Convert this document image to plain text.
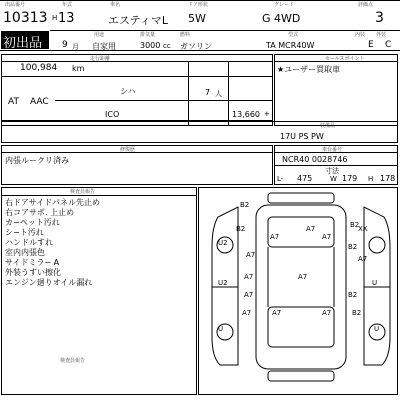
出品番号	年式	車名	ドア形状	グレード	評価点
10313 H 13	エスティマL 5W	G 4WD	3
初出品
用途	排気量	燃料	型式	内装 外装
9 月 自家用	3000 cc ガソリン	TA MCR40W	E C
走行距離
100,984 km
シハ	7 人
AT AAC
ICO	13,660 +
セールスポイント
★ユーザー買取車
装備品
17U PS PW
修復歴
内張ルークリ済み
車台番号
NCR40 0028746
寸法
L- 475	W 179 H 178
検査員報告
検査員報告
右ドアサイドパネル先止め
右コアサポ. 上止め
カ−ペット汚れ
シ−ト汚れ
ハンドルすれ
室内内張色
サイドミラ− A
外装うすい擦化
エンジン廻りオイル漏れ
B2
B2
A7
A7
A7
B2
XX
U2
A7
B2
A7
A7	A7
U2	U
A7	B2
A7	A7	A7	B2
U	U
